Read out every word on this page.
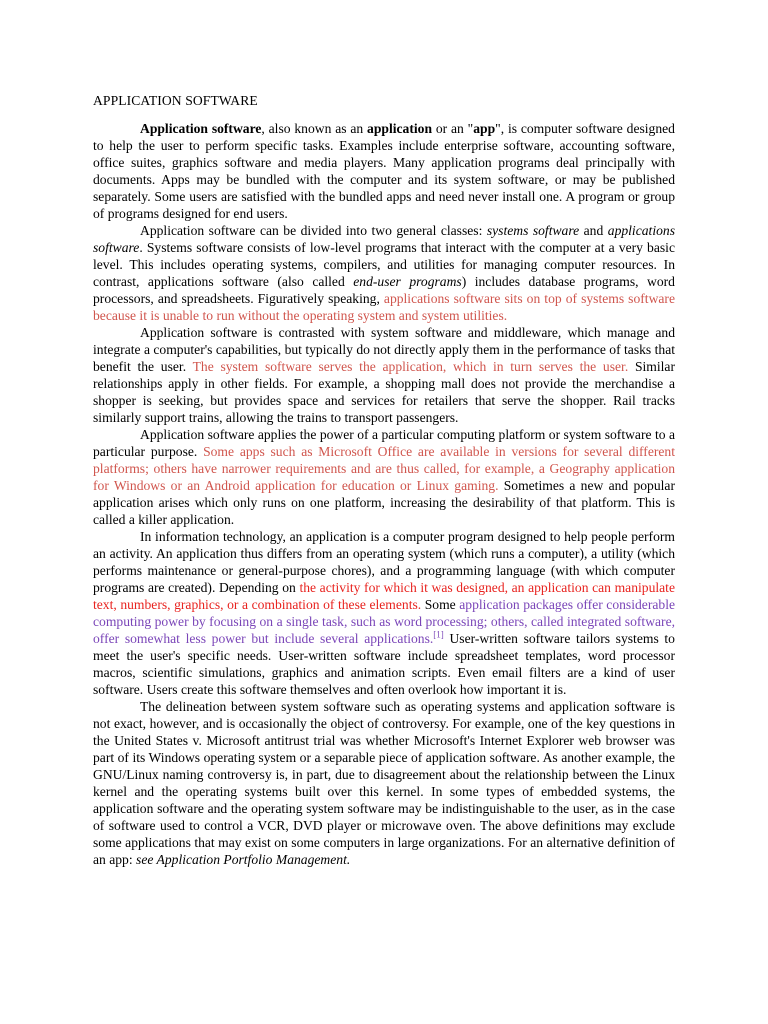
APPLICATION SOFTWARE

Application software, also known as an application or an "app", is computer software designed to help the user to perform specific tasks. Examples include enterprise software, accounting software, office suites, graphics software and media players. Many application programs deal principally with documents. Apps may be bundled with the computer and its system software, or may be published separately. Some users are satisfied with the bundled apps and need never install one. A program or group of programs designed for end users.

Application software can be divided into two general classes: systems software and applications software. Systems software consists of low-level programs that interact with the computer at a very basic level. This includes operating systems, compilers, and utilities for managing computer resources. In contrast, applications software (also called end-user programs) includes database programs, word processors, and spreadsheets. Figuratively speaking, applications software sits on top of systems software because it is unable to run without the operating system and system utilities.

Application software is contrasted with system software and middleware, which manage and integrate a computer's capabilities, but typically do not directly apply them in the performance of tasks that benefit the user. The system software serves the application, which in turn serves the user. Similar relationships apply in other fields. For example, a shopping mall does not provide the merchandise a shopper is seeking, but provides space and services for retailers that serve the shopper. Rail tracks similarly support trains, allowing the trains to transport passengers.

Application software applies the power of a particular computing platform or system software to a particular purpose. Some apps such as Microsoft Office are available in versions for several different platforms; others have narrower requirements and are thus called, for example, a Geography application for Windows or an Android application for education or Linux gaming. Sometimes a new and popular application arises which only runs on one platform, increasing the desirability of that platform. This is called a killer application.

In information technology, an application is a computer program designed to help people perform an activity. An application thus differs from an operating system (which runs a computer), a utility (which performs maintenance or general-purpose chores), and a programming language (with which computer programs are created). Depending on the activity for which it was designed, an application can manipulate text, numbers, graphics, or a combination of these elements. Some application packages offer considerable computing power by focusing on a single task, such as word processing; others, called integrated software, offer somewhat less power but include several applications.[1] User-written software tailors systems to meet the user's specific needs. User-written software include spreadsheet templates, word processor macros, scientific simulations, graphics and animation scripts. Even email filters are a kind of user software. Users create this software themselves and often overlook how important it is.

The delineation between system software such as operating systems and application software is not exact, however, and is occasionally the object of controversy. For example, one of the key questions in the United States v. Microsoft antitrust trial was whether Microsoft's Internet Explorer web browser was part of its Windows operating system or a separable piece of application software. As another example, the GNU/Linux naming controversy is, in part, due to disagreement about the relationship between the Linux kernel and the operating systems built over this kernel. In some types of embedded systems, the application software and the operating system software may be indistinguishable to the user, as in the case of software used to control a VCR, DVD player or microwave oven. The above definitions may exclude some applications that may exist on some computers in large organizations. For an alternative definition of an app: see Application Portfolio Management.
